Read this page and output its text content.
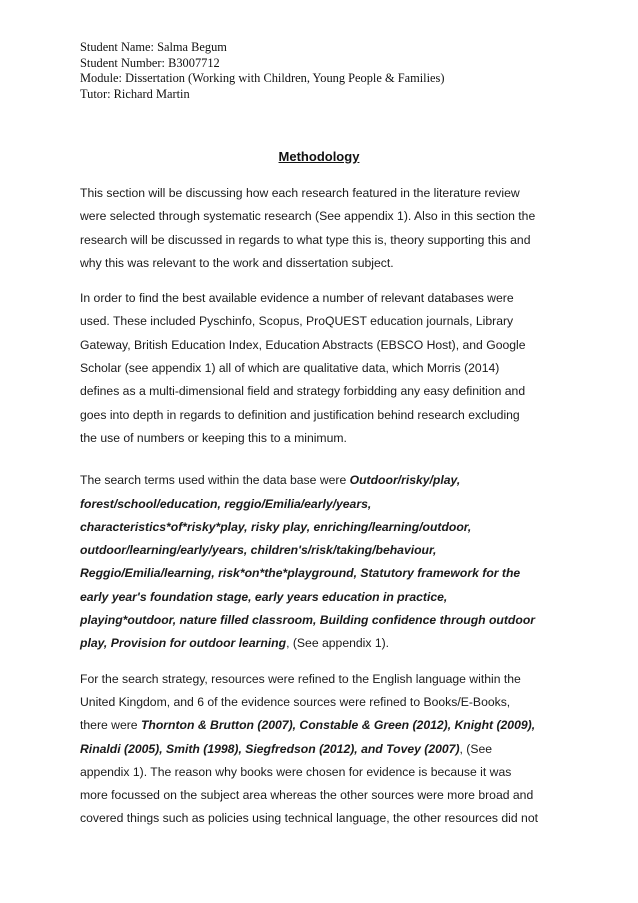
Student Name: Salma Begum
Student Number: B3007712
Module: Dissertation (Working with Children, Young People & Families)
Tutor: Richard Martin
Methodology
This section will be discussing how each research featured in the literature review
were selected through systematic research (See appendix 1). Also in this section the
research will be discussed in regards to what type this is, theory supporting this and
why this was relevant to the work and dissertation subject.
In order to find the best available evidence a number of relevant databases were
used. These included Pyschinfo, Scopus, ProQUEST education journals, Library
Gateway, British Education Index, Education Abstracts (EBSCO Host), and Google
Scholar (see appendix 1) all of which are qualitative data, which Morris (2014)
defines as a multi-dimensional field and strategy forbidding any easy definition and
goes into depth in regards to definition and justification behind research excluding
the use of numbers or keeping this to a minimum.
The search terms used within the data base were Outdoor/risky/play,
forest/school/education, reggio/Emilia/early/years,
characteristics*of*risky*play, risky play, enriching/learning/outdoor,
outdoor/learning/early/years, children's/risk/taking/behaviour,
Reggio/Emilia/learning, risk*on*the*playground, Statutory framework for the
early year's foundation stage, early years education in practice,
playing*outdoor, nature filled classroom, Building confidence through outdoor
play, Provision for outdoor learning, (See appendix 1).
For the search strategy, resources were refined to the English language within the
United Kingdom, and 6 of the evidence sources were refined to Books/E-Books,
there were Thornton & Brutton (2007), Constable & Green (2012), Knight (2009),
Rinaldi (2005), Smith (1998), Siegfredson (2012), and Tovey (2007), (See
appendix 1). The reason why books were chosen for evidence is because it was
more focussed on the subject area whereas the other sources were more broad and
covered things such as policies using technical language, the other resources did not
